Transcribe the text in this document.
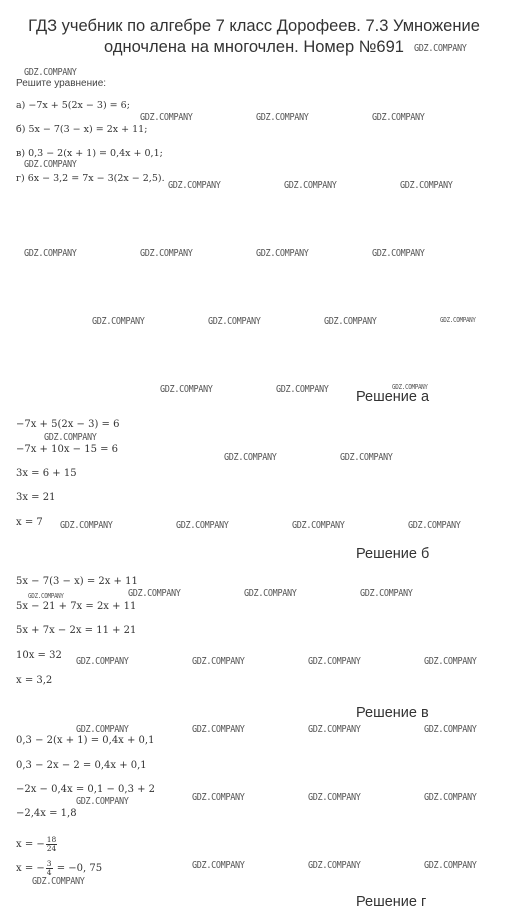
ГДЗ учебник по алгебре 7 класс Дорофеев. 7.3 Умножение
одночлена на многочлен. Номер №691	GDZ.COMPANY
GDZ.COMPANY
GDZ.COMPANY	GDZ.COMPANY	GDZ.COMPANY
GDZ.COMPANY
GDZ.COMPANY	GDZ.COMPANY	GDZ.COMPANY
GDZ.COMPANY	GDZ.COMPANY	GDZ.COMPANY	GDZ.COMPANY
GDZ.COMPANY	GDZ.COMPANY	GDZ.COMPANY	GDZ.COMPANY
GDZ.COMPANY	GDZ.COMPANY	GDZ.COMPANY
GDZ.COMPANY
GDZ.COMPANY	GDZ.COMPANY
GDZ.COMPANY	GDZ.COMPANY	GDZ.COMPANY	GDZ.COMPANY
GDZ.COMPANY	GDZ.COMPANY	GDZ.COMPANY	GDZ.COMPANY
GDZ.COMPANY	GDZ.COMPANY	GDZ.COMPANY	GDZ.COMPANY
GDZ.COMPANY	GDZ.COMPANY	GDZ.COMPANY	GDZ.COMPANY
GDZ.COMPANY	GDZ.COMPANY	GDZ.COMPANY	GDZ.COMPANY
GDZ.COMPANY	GDZ.COMPANY	GDZ.COMPANY
GDZ.COMPANY
Решите уравнение:
а) −7x + 5(2x − 3) = 6;
б) 5x − 7(3 − x) = 2x + 11;
в) 0,3 − 2(x + 1) = 0,4x + 0,1;
г) 6x − 3,2 = 7x − 3(2x − 2,5).
Решение а
−7x + 5(2x − 3) = 6
−7x + 10x − 15 = 6
3x = 6 + 15
3x = 21
x = 7
Решение б
5x − 7(3 − x) = 2x + 11
5x − 21 + 7x = 2x + 11
5x + 7x − 2x = 11 + 21
10x = 32
x = 3,2
Решение в
0,3 − 2(x + 1) = 0,4x + 0,1
0,3 − 2x − 2 = 0,4x + 0,1
−2x − 0,4x = 0,1 − 0,3 + 2
−2,4x = 1,8
x = − $\frac{18}{24}$
x = − $\frac{3}{4} = -0$, 75
Решение г
